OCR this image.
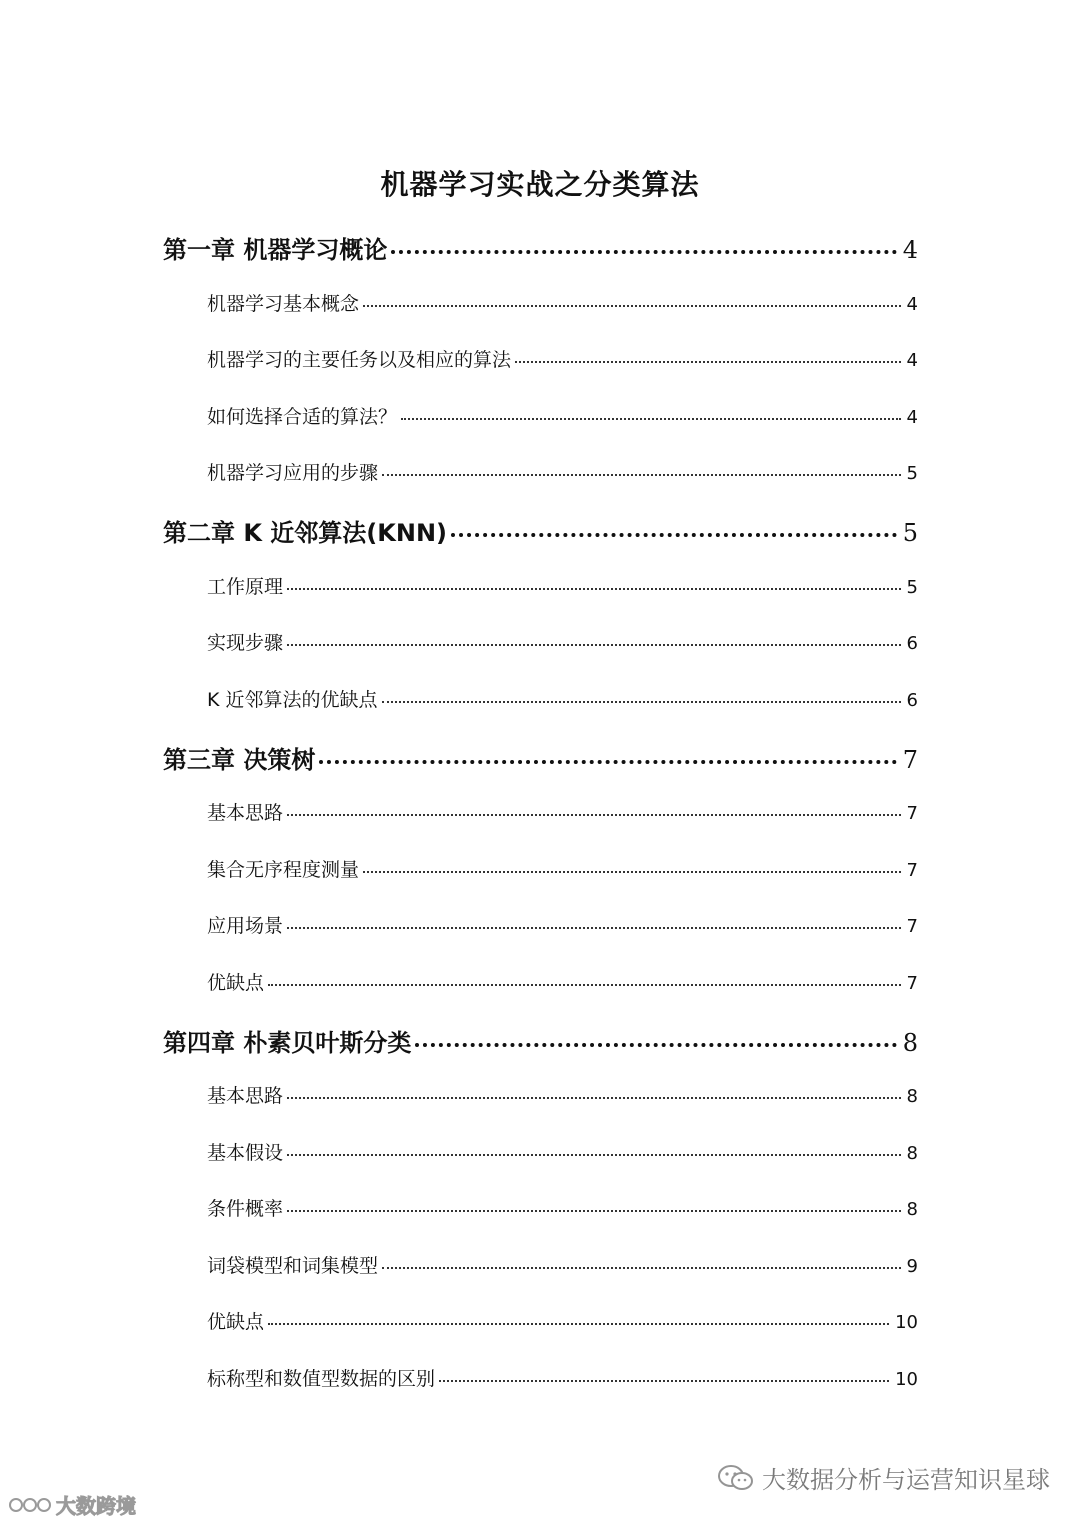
机器学习实战之分类算法
第一章 机器学习概论	4
机器学习基本概念	4
机器学习的主要任务以及相应的算法	4
如何选择合适的算法？	4
机器学习应用的步骤	5
第二章 K 近邻算法(KNN)	5
工作原理	5
实现步骤	6
K 近邻算法的优缺点	6
第三章 决策树	7
基本思路	7
集合无序程度测量	7
应用场景	7
优缺点	7
第四章 朴素贝叶斯分类	8
基本思路	8
基本假设	8
条件概率	8
词袋模型和词集模型	9
优缺点	10
标称型和数值型数据的区别	10
大数据分析与运营知识星球
大数跨境
